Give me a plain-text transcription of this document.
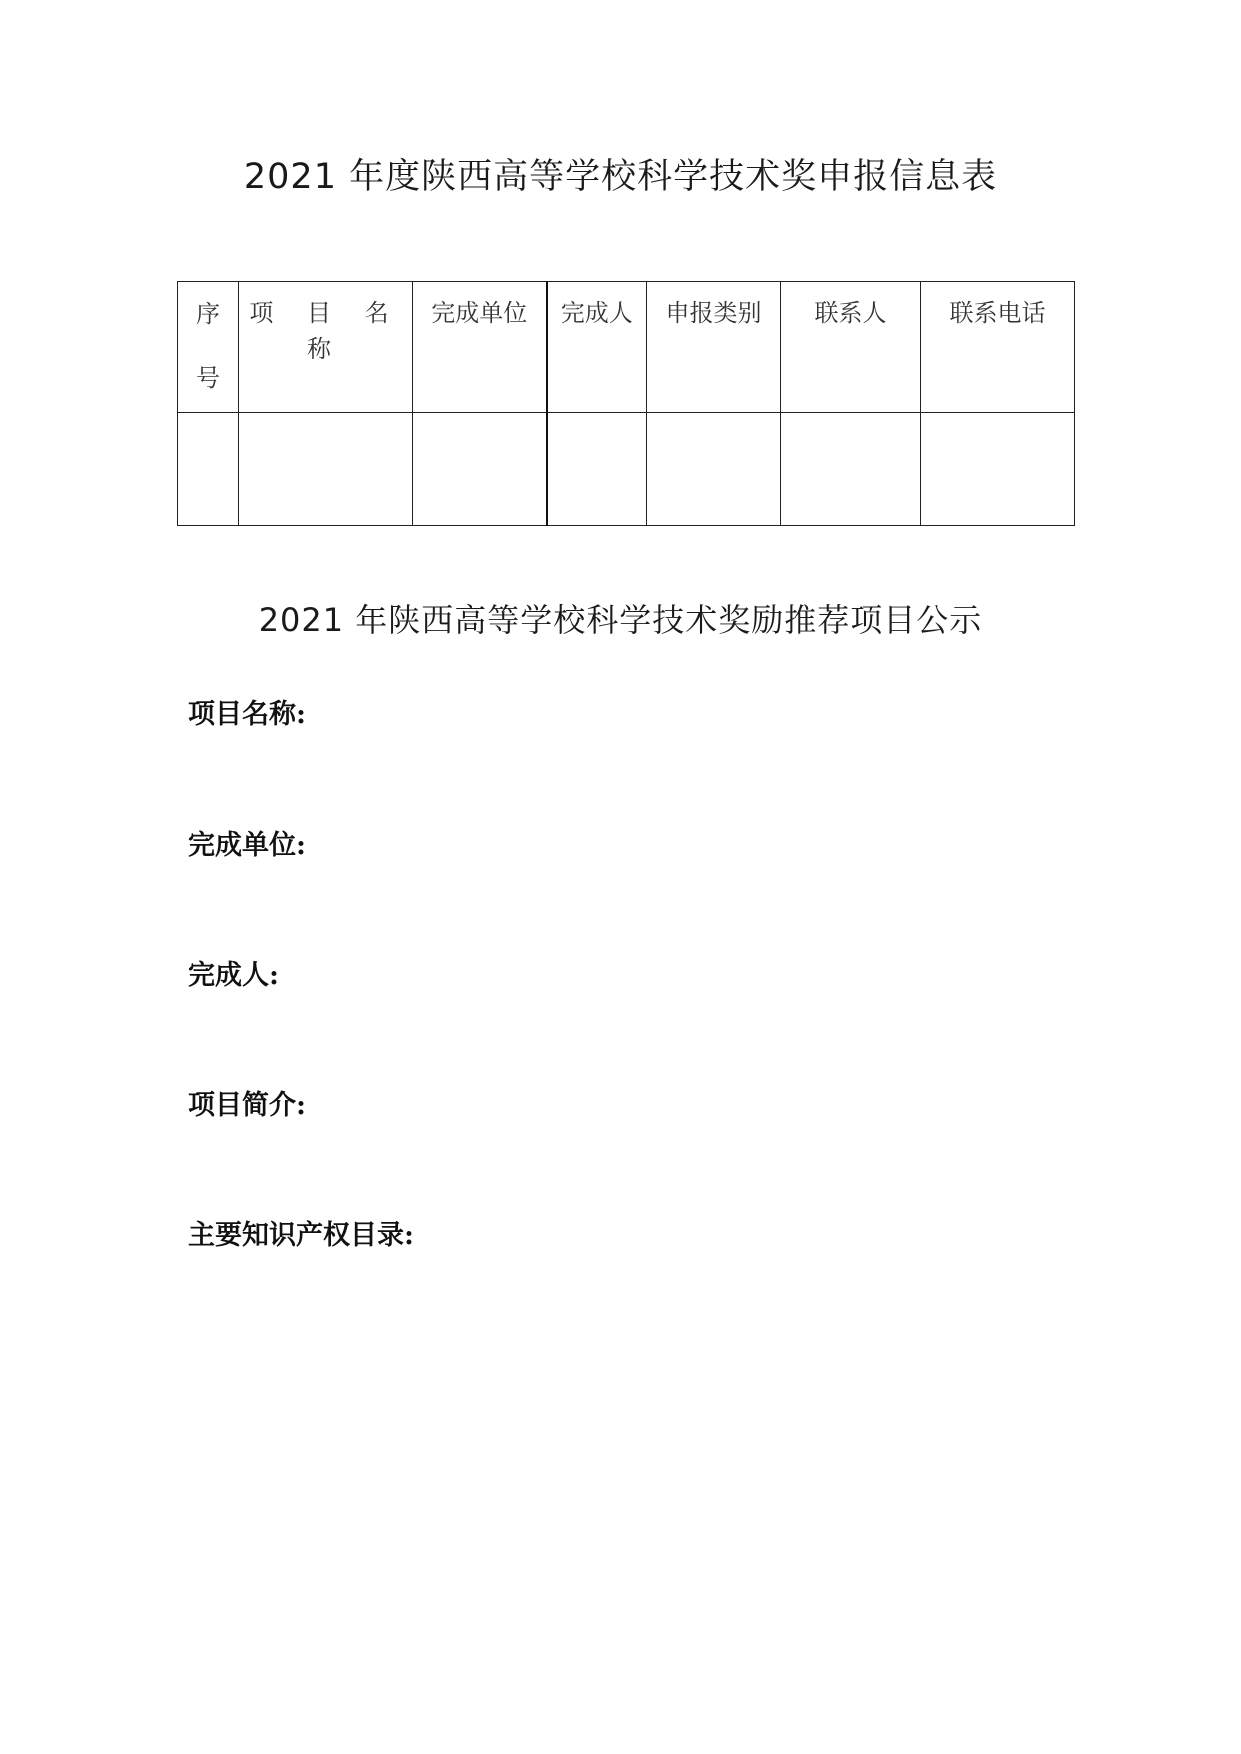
2021 年度陕西高等学校科学技术奖申报信息表
序号	项 目 名 称	完成单位	完成人	申报类别	联系人	联系电话

2021 年陕西高等学校科学技术奖励推荐项目公示
项目名称:
完成单位:
完成人:
项目简介:
主要知识产权目录:
